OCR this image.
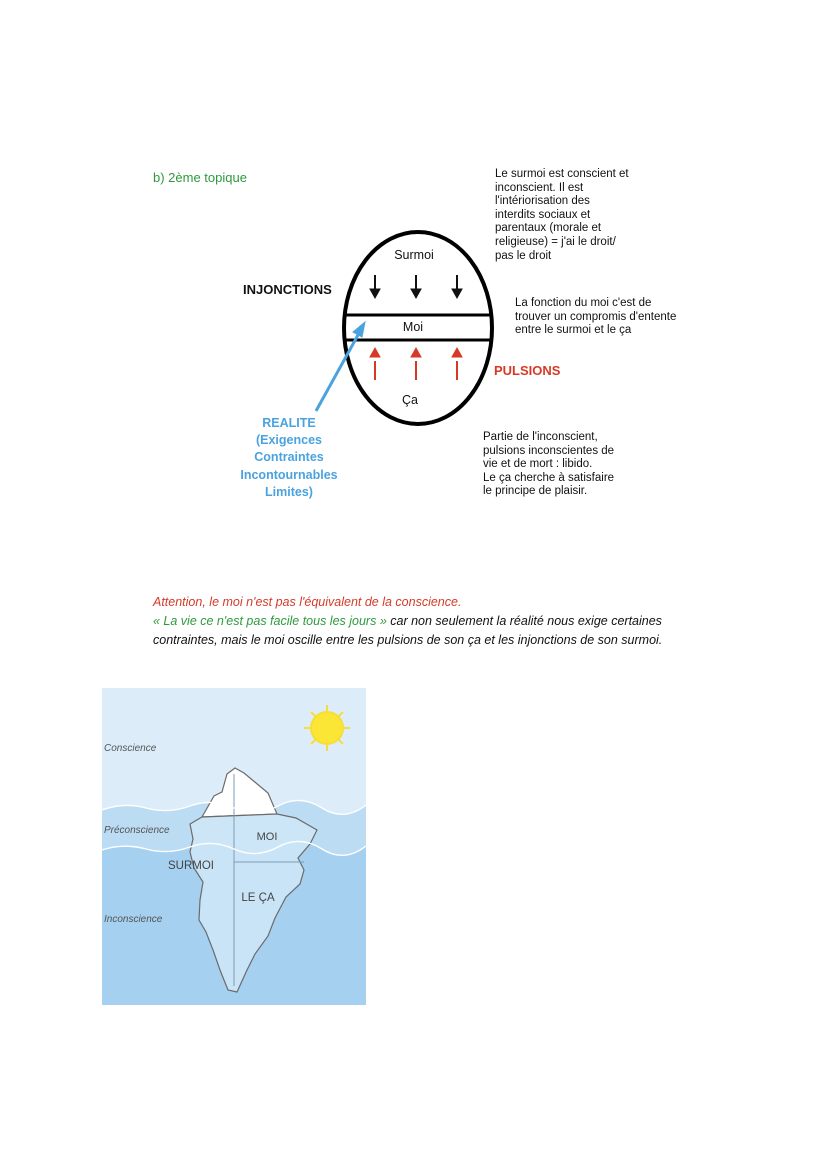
b) 2ème topique
Surmoi
Moi
Ça
INJONCTIONS
PULSIONS
REALITE
(Exigences
Contraintes
Incontournables
Limites)
Le surmoi est conscient et
inconscient. Il est
l'intériorisation des
interdits sociaux et
parentaux (morale et
religieuse) = j'ai le droit/
pas le droit
La fonction du moi c'est de
trouver un compromis d'entente
entre le surmoi et le ça
Partie de l'inconscient,
pulsions inconscientes de
vie et de mort : libido.
Le ça cherche à satisfaire
le principe de plaisir.
Attention, le moi n'est pas l'équivalent de la conscience.
« La vie ce n'est pas facile tous les jours » car non seulement la réalité nous exige certaines contraintes, mais le moi oscille entre les pulsions de son ça et les injonctions de son surmoi.
Conscience
Préconscience
Inconscience
MOI
SURMOI
LE ÇA
